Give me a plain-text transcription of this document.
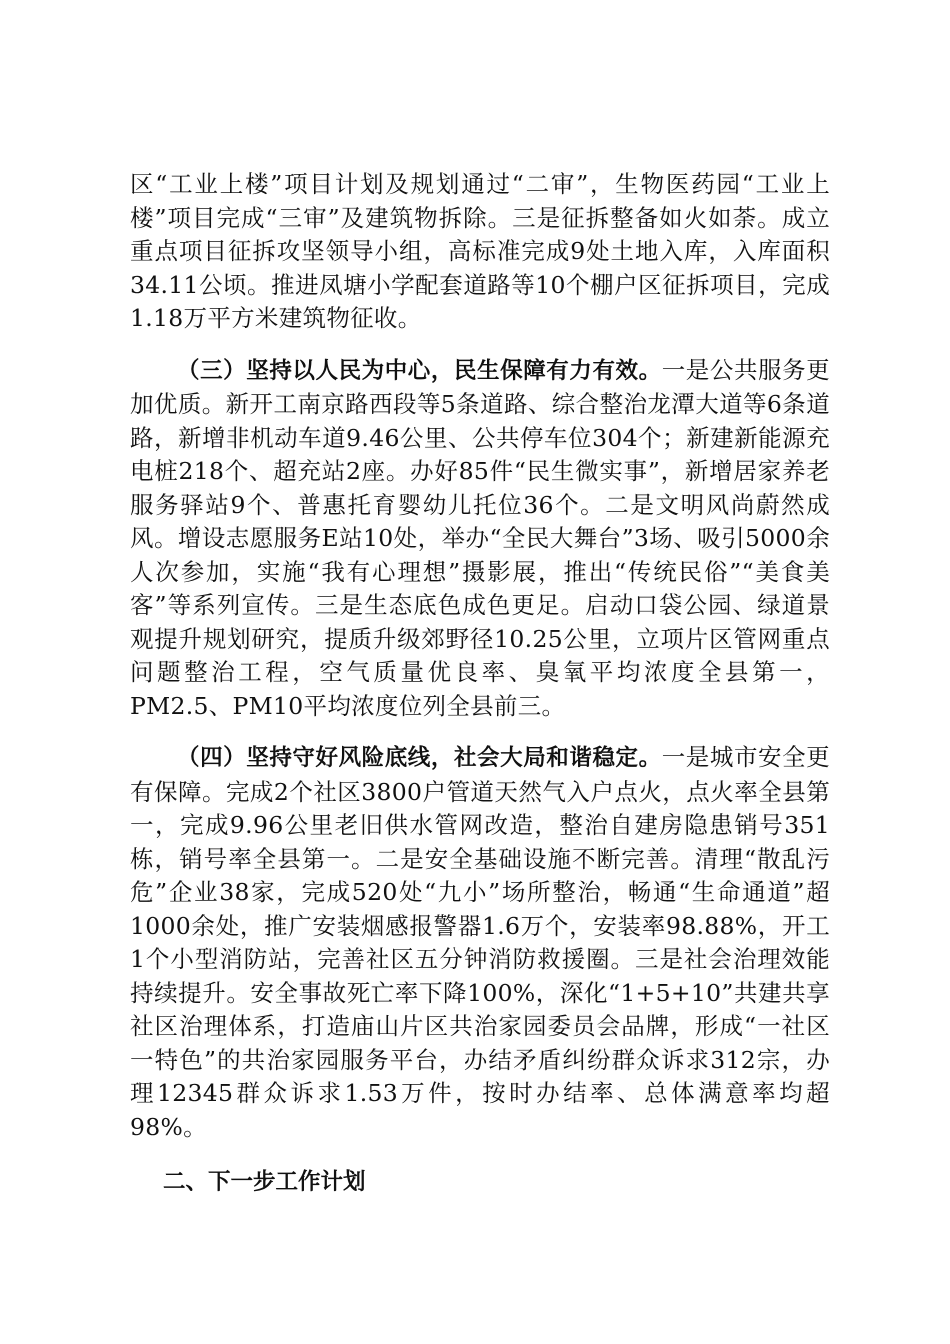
区“工业上楼”项目计划及规划通过“二审”，生物医药园“工业上楼”项目完成“三审”及建筑物拆除。三是征拆整备如火如荼。成立重点项目征拆攻坚领导小组，高标准完成9处土地入库，入库面积34.11公顷。推进凤塘小学配套道路等10个棚户区征拆项目，完成1.18万平方米建筑物征收。

（三）坚持以人民为中心，民生保障有力有效。一是公共服务更加优质。新开工南京路西段等5条道路、综合整治龙潭大道等6条道路，新增非机动车道9.46公里、公共停车位304个；新建新能源充电桩218个、超充站2座。办好85件“民生微实事”，新增居家养老服务驿站9个、普惠托育婴幼儿托位36个。二是文明风尚蔚然成风。增设志愿服务E站10处，举办“全民大舞台”3场、吸引5000余人次参加，实施“我有心理想”摄影展，推出“传统民俗”“美食美客”等系列宣传。三是生态底色成色更足。启动口袋公园、绿道景观提升规划研究，提质升级郊野径10.25公里，立项片区管网重点问题整治工程，空气质量优良率、臭氧平均浓度全县第一，PM2.5、PM10平均浓度位列全县前三。

（四）坚持守好风险底线，社会大局和谐稳定。一是城市安全更有保障。完成2个社区3800户管道天然气入户点火，点火率全县第一，完成9.96公里老旧供水管网改造，整治自建房隐患销号351栋，销号率全县第一。二是安全基础设施不断完善。清理“散乱污危”企业38家，完成520处“九小”场所整治，畅通“生命通道”超1000余处，推广安装烟感报警器1.6万个，安装率98.88%，开工1个小型消防站，完善社区五分钟消防救援圈。三是社会治理效能持续提升。安全事故死亡率下降100%，深化“1+5+10”共建共享社区治理体系，打造庙山片区共治家园委员会品牌，形成“一社区一特色”的共治家园服务平台，办结矛盾纠纷群众诉求312宗，办理12345群众诉求1.53万件，按时办结率、总体满意率均超98%。

二、下一步工作计划
